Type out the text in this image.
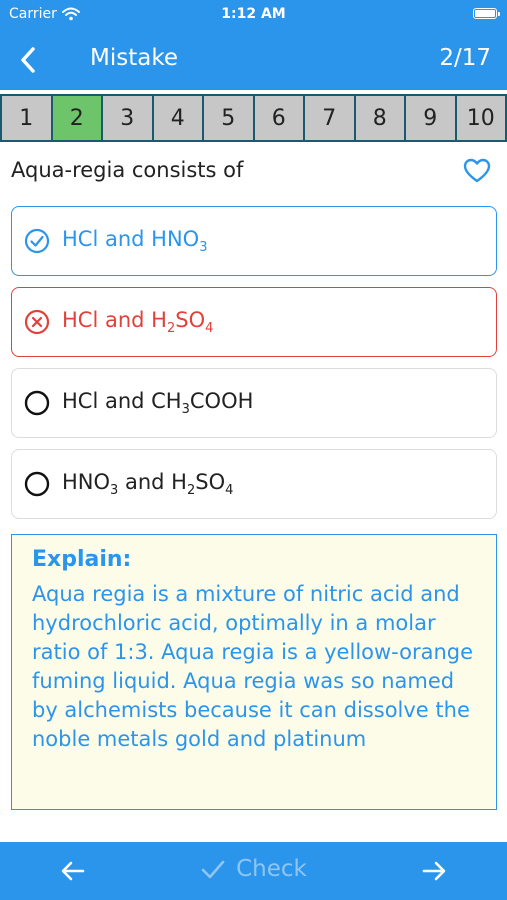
Carrier	1:12 AM
Mistake	2/17
1	2	3	4	5	6	7	8	9	10
Aqua-regia consists of
HCl and $HNO_3$
HCl and $H_2SO_4$
HCl and $CH_3COOH$
$HNO_3$ and $H_2SO_4$
Explain:
Aqua regia is a mixture of nitric acid and hydrochloric acid, optimally in a molar ratio of 1:3. Aqua regia is a yellow-orange fuming liquid. Aqua regia was so named by alchemists because it can dissolve the noble metals gold and platinum
Check
